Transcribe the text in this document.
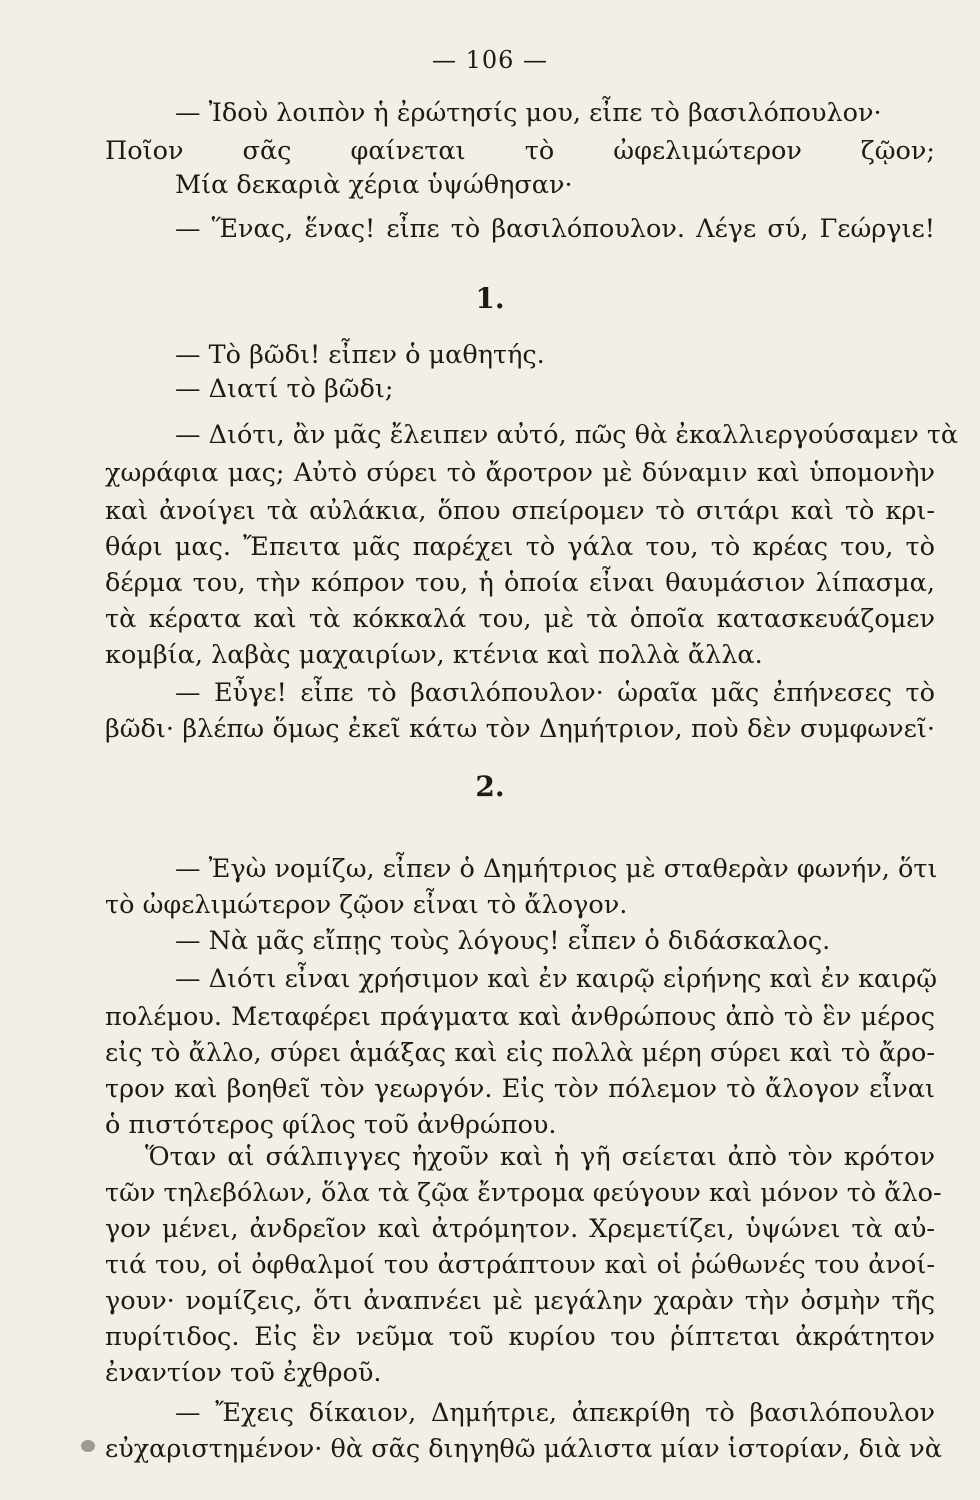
— 106 —
— Ἰδοὺ λοιπὸν ἡ ἐρώτησίς μου, εἶπε τὸ βασιλόπουλον·
Ποῖον σᾶς φαίνεται τὸ ὠφελιμώτερον ζῷον;
Μία δεκαριὰ χέρια ὑψώθησαν·
— Ἕνας, ἕνας! εἶπε τὸ βασιλόπουλον. Λέγε σύ, Γεώργιε!
— Τὸ βῶδι! εἶπεν ὁ μαθητής.
— Διατί τὸ βῶδι;
— Διότι, ἂν μᾶς ἔλειπεν αὐτό, πῶς θὰ ἐκαλλιεργούσαμεν τὰ
χωράφια μας; Αὐτὸ σύρει τὸ ἄροτρον μὲ δύναμιν καὶ ὑπομονὴν
καὶ ἀνοίγει τὰ αὐλάκια, ὅπου σπείρομεν τὸ σιτάρι καὶ τὸ κρι-
θάρι μας. Ἔπειτα μᾶς παρέχει τὸ γάλα του, τὸ κρέας του, τὸ
δέρμα του, τὴν κόπρον του, ἡ ὁποία εἶναι θαυμάσιον λίπασμα,
τὰ κέρατα καὶ τὰ κόκκαλά του, μὲ τὰ ὁποῖα κατασκευάζομεν
κομβία, λαβὰς μαχαιρίων, κτένια καὶ πολλὰ ἄλλα.
— Εὖγε! εἶπε τὸ βασιλόπουλον· ὡραῖα μᾶς ἐπήνεσες τὸ
βῶδι· βλέπω ὅμως ἐκεῖ κάτω τὸν Δημήτριον, ποὺ δὲν συμφωνεῖ·
— Ἐγὼ νομίζω, εἶπεν ὁ Δημήτριος μὲ σταθερὰν φωνήν, ὅτι
τὸ ὠφελιμώτερον ζῷον εἶναι τὸ ἄλογον.
— Νὰ μᾶς εἴπῃς τοὺς λόγους! εἶπεν ὁ διδάσκαλος.
— Διότι εἶναι χρήσιμον καὶ ἐν καιρῷ εἰρήνης καὶ ἐν καιρῷ
πολέμου. Μεταφέρει πράγματα καὶ ἀνθρώπους ἀπὸ τὸ ἓν μέρος
εἰς τὸ ἄλλο, σύρει ἁμάξας καὶ εἰς πολλὰ μέρη σύρει καὶ τὸ ἄρο-
τρον καὶ βοηθεῖ τὸν γεωργόν. Εἰς τὸν πόλεμον τὸ ἄλογον εἶναι
ὁ πιστότερος φίλος τοῦ ἀνθρώπου.
Ὅταν αἱ σάλπιγγες ἠχοῦν καὶ ἡ γῆ σείεται ἀπὸ τὸν κρότον
τῶν τηλεβόλων, ὅλα τὰ ζῷα ἔντρομα φεύγουν καὶ μόνον τὸ ἄλο-
γον μένει, ἀνδρεῖον καὶ ἀτρόμητον. Χρεμετίζει, ὑψώνει τὰ αὐ-
τιά του, οἱ ὀφθαλμοί του ἀστράπτουν καὶ οἱ ῥώθωνές του ἀνοί-
γουν· νομίζεις, ὅτι ἀναπνέει μὲ μεγάλην χαρὰν τὴν ὀσμὴν τῆς
πυρίτιδος. Εἰς ἓν νεῦμα τοῦ κυρίου του ῥίπτεται ἀκράτητον
ἐναντίον τοῦ ἐχθροῦ.
— Ἔχεις δίκαιον, Δημήτριε, ἀπεκρίθη τὸ βασιλόπουλον
εὐχαριστημένον· θὰ σᾶς διηγηθῶ μάλιστα μίαν ἱστορίαν, διὰ νὰ
1.
2.
